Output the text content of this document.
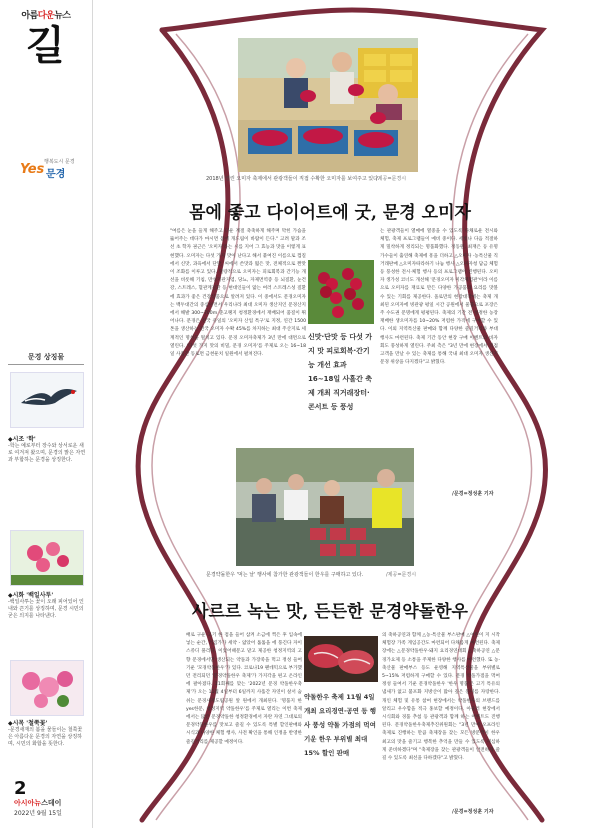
아름다운뉴스
길
행복도시 문경
Yes 문경
문경 상징물
◆시조 '학'
-학는 예로부터 장수와 상서로운 새로 여겨져 왔으며, 문경의 맑은 자연과 부합하는 문경을 상징한다.
◆시화 '백일사투'
-백일사투는 꽃이 오래 피어있어 인내와 끈기를 상징하며, 문경 시민의 굳은 의지를 나타낸다.
◆시목 '철쭉꽃'
-문경새재의 봄을 물들이는 철쭉꽃은 아름다운 문경의 자연을 상징하며, 시민의 화합을 뜻한다.
2
아시아뉴스데이
2022년 9월 15일
2018년 열린 오미자 축제에서 관광객들이 직접 수확한 오미자를 보여주고 있다.
/제공=문경시
몸에 좋고 다이어트에 굿, 문경 오미자
"여름은 눈을 들게 해주고 더운 계절 축축하게 해주며 막힌 가슴을 뚫어주는 데다가 마시면 몸에 개드림이 바람이 든다." 고려 말과 조선 초 학자 권근은 '오미자'라는 시를 지어 그 효능과 맛을 이렇게 표현했다. 오미자는 다섯 가지 맛이 난다고 해서 붙여진 이름으로 껍질에서 신맛, 과육에서 단맛, 씨에서 쓴맛과 떫은 맛, 전체적으로 짠맛이 조화를 이루고 있다. 열량적으로 오미자는 피로회복과 간기능 개선을 비롯해 기침, 만성기관지염, 당뇨, 자제면역증 등 뇌질환, 눈건강, 스트레스, 혈관계질환 등 현대인들이 앓는 여러 스트레스성 질환에 효과가 좋은 건강식품으로 알려져 있다. 이 중에서도 문경오미자는 백두대간의 중심이면서 우리나라 최대 오미자 생산지인 문경산지에서 해발 300~700m 준고랭지 청정환경에서 재배되어 품질이 뛰어나다. 문경은 전국 유일의 '오미자 산업 특구'로 지정, 연간 1500톤을 생산하는 전국 오미자 수확 45%를 차지하는 최대 주산지로 세계적인 명성을 떨치고 있다. 문경 오미자축제가 3년 만에 대면으로 열린다. '다섯 가지 맛의 비밀, 문경 오미자'를 주제로 오는 16~18일 사흘간 동로면 금천둔치 일원에서 펼쳐진다.
신맛·단맛 등 다섯 가지 맛 피로회복·간기능 개선 효과 16~18일 사흘간 축제 개최 직거래장터·콘서트 등 풍성
는 관광객들이 열매에 열중을 수 있도록 다채로운 전시와 체험, 축제 프로그램들이 예비 중이다. 세빛나 다음 적절하게 밀착하게 정리되는 명품화했다. 정동원, 최재은 등 유명가수들이 출연해 축제에 흥을 더하고 △오미자 ·농특산물 직거래판매 △오미자따라하기 나눔 행사 △오미자청 담금 체험 등 풍성한 전시·체험 행사 등의 프로그램이 진행된다. 오미자 생가성 코너도 개선해 '문경오미자 미각체험관'이라 이름으로 오미자를 재료로 만든 다양한 가공품과 요리를 맛볼 수 있는 기회를 제공한다. 올로만의 현장대작에는 축제 개최된 오미자에 빙관광 평일 시간 공원에서 물품으로 포장은 주 수도권 문명에게 평평된다. 축제의 기간 전 청정한 농장 재배한 생오미자를 10~20% 저렴한 가격에 구매할 수 있다. 이외 지역특산물 판매와 함께 다양한 즐길거리와 부대행사도 마련된다. 축제 기간 동안 현장 구매 이벤트와 바자회도 풍성하게 열린다. 주최 측은 "3년 만에 현장에서 직접 고객을 만날 수 있는 축제를 통해 국내 최대 오미자 생산지 문경 위상을 다지겠다"고 밝혔다.
/문경=정성훈 기자
문경약돌한우 '먹는 날' 행사에 참가한 관광객들이 한우를 구매하고 있다.	/제공=문경시
사르르 녹는 맛, 든든한 문경약돌한우
배로 구운 고기 한 점을 들어 삼켜 소금에 찍은 후 입속에 넣는 순간, 거짐가가 세약 - 얇았어 툴툴을 에 풍긴다 자이스쥬디 풀리다. 이었어때문고 맡고 제공한 청정지역의 고향 문경에서만 생산되는 약돌과 가장죽을 먹고 정성 들여 기운 '모경약돌한우'가 있다. 코로나19 팬데믹으로 부가했던 전리되던 '문경약돌한우 축제'가 가지각을 편고 온라인에 팔아졌다. 11회째를 맞는 '2022년 문경 약돌한우축제'가 오는 11월 4일부터 6일까지 사흘간 자연이 살서 숨 쉬는 문경새재도립공원 앞 원에서 개최된다. '명품지 한 yes한문, 청정지역 약돌한우'를 주제로 열리는 이번 축제에서는 많은 문경약돌한 청정환경에서 자란 자연 그대로의 문경약돌한우를 맛보고 즐길 수 있도록 특별 할인판매와 시식과 다양한 체험 행사, 사전 확인을 통해 인정을 반영한 즐길거리를 제공할 예정이다.
약돌한우 축제 11월 4일 개최 요리경연·공연 등 행사 풍성 약돌 가점의 먹여 기운 한우 부위별 최대 15% 할인 판매
의 축하공연과 함께 △농·특산물 부스판매 △어린이 지 시작 체험장 가족 게임공간도 마련되어 다채롭게 마련된다. 축제장에는 △문경약돌한우·돼지 요리경연대회 △축하공연 △문경가요제 등 소통을 주제한 다양한 행사를 마련했다. 또 농·축산물 판매부스 등도 운영해 지역특산물을 부위별로 5~15% 저렴하게 구매할 수 있다. 문경 약돌가점을 먹여 정성 들여서 기운 문경약돌한우 '한우 명품'은 고기 특유의 냄새가 없고 불포화 지방산이 많아 깊은 풍미를 자랑한다. 개인 체험 및 유통 참여 현장에서는 약돌한우의 브랜드를 알리고 우수함을 적극 홍보할 예정이다. 아울러 현장에서 시식회와 경품 추첨 등 관광객과 함께 하는 이벤트도 진행된다. 문경약돌한우축제추진위원회는 "3년 만에 오프라인 축제로 진행하는 만큼 축제장을 찾는 모든 방문객이 한우 최고의 맛을 즐기고 행복한 추억을 만들 수 있도록 세심하게 준비하겠다"며 "축제장을 찾는 관광객들이 안전하게 즐길 수 있도록 최선을 다하겠다"고 밝혔다.
/문경=정성훈 기자
